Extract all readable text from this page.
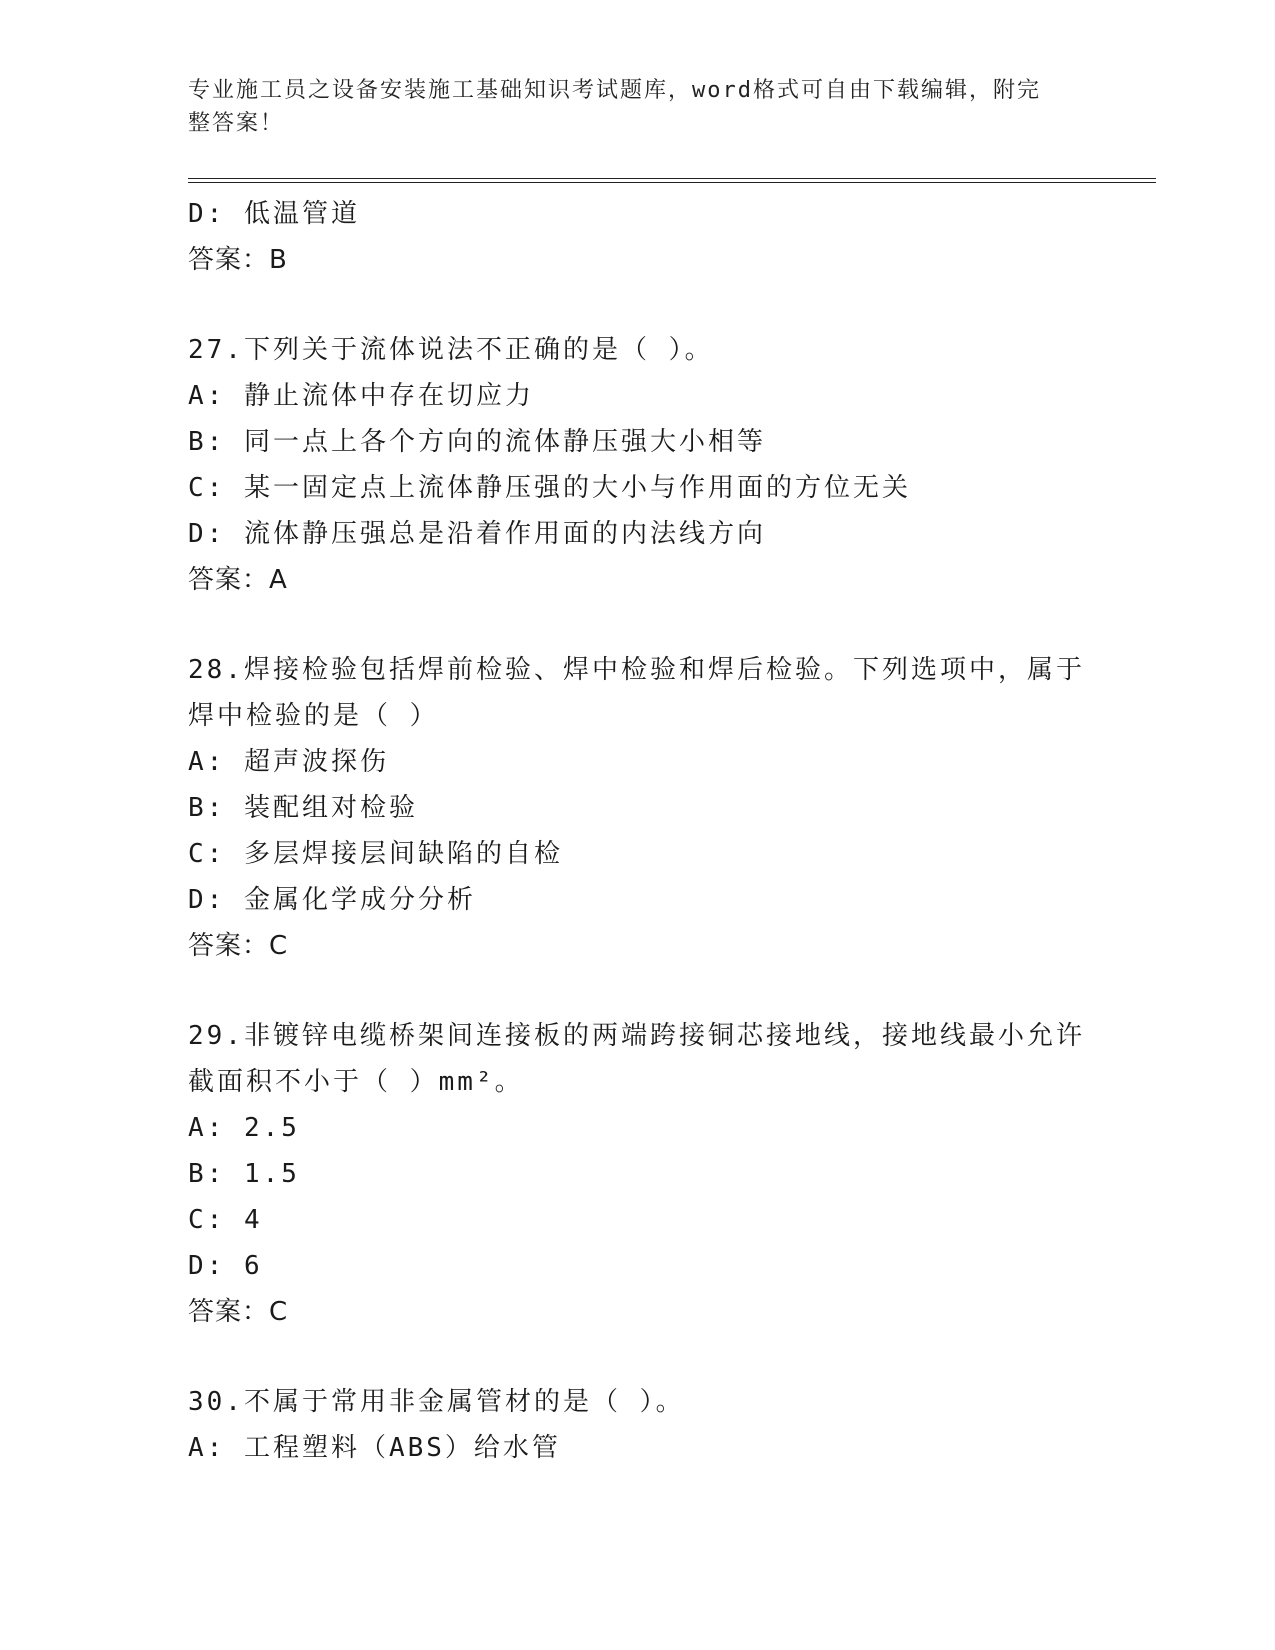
专业施工员之设备安装施工基础知识考试题库，word格式可自由下载编辑，附完
整答案！
D: 低温管道
答案：B
27.下列关于流体说法不正确的是（ ）。
A: 静止流体中存在切应力
B: 同一点上各个方向的流体静压强大小相等
C: 某一固定点上流体静压强的大小与作用面的方位无关
D: 流体静压强总是沿着作用面的内法线方向
答案：A
28.焊接检验包括焊前检验、焊中检验和焊后检验。下列选项中，属于
焊中检验的是（ ）
A: 超声波探伤
B: 装配组对检验
C: 多层焊接层间缺陷的自检
D: 金属化学成分分析
答案：C
29.非镀锌电缆桥架间连接板的两端跨接铜芯接地线，接地线最小允许
截面积不小于（ ）mm²。
A: 2.5
B: 1.5
C: 4
D: 6
答案：C
30.不属于常用非金属管材的是（ ）。
A: 工程塑料（ABS）给水管
